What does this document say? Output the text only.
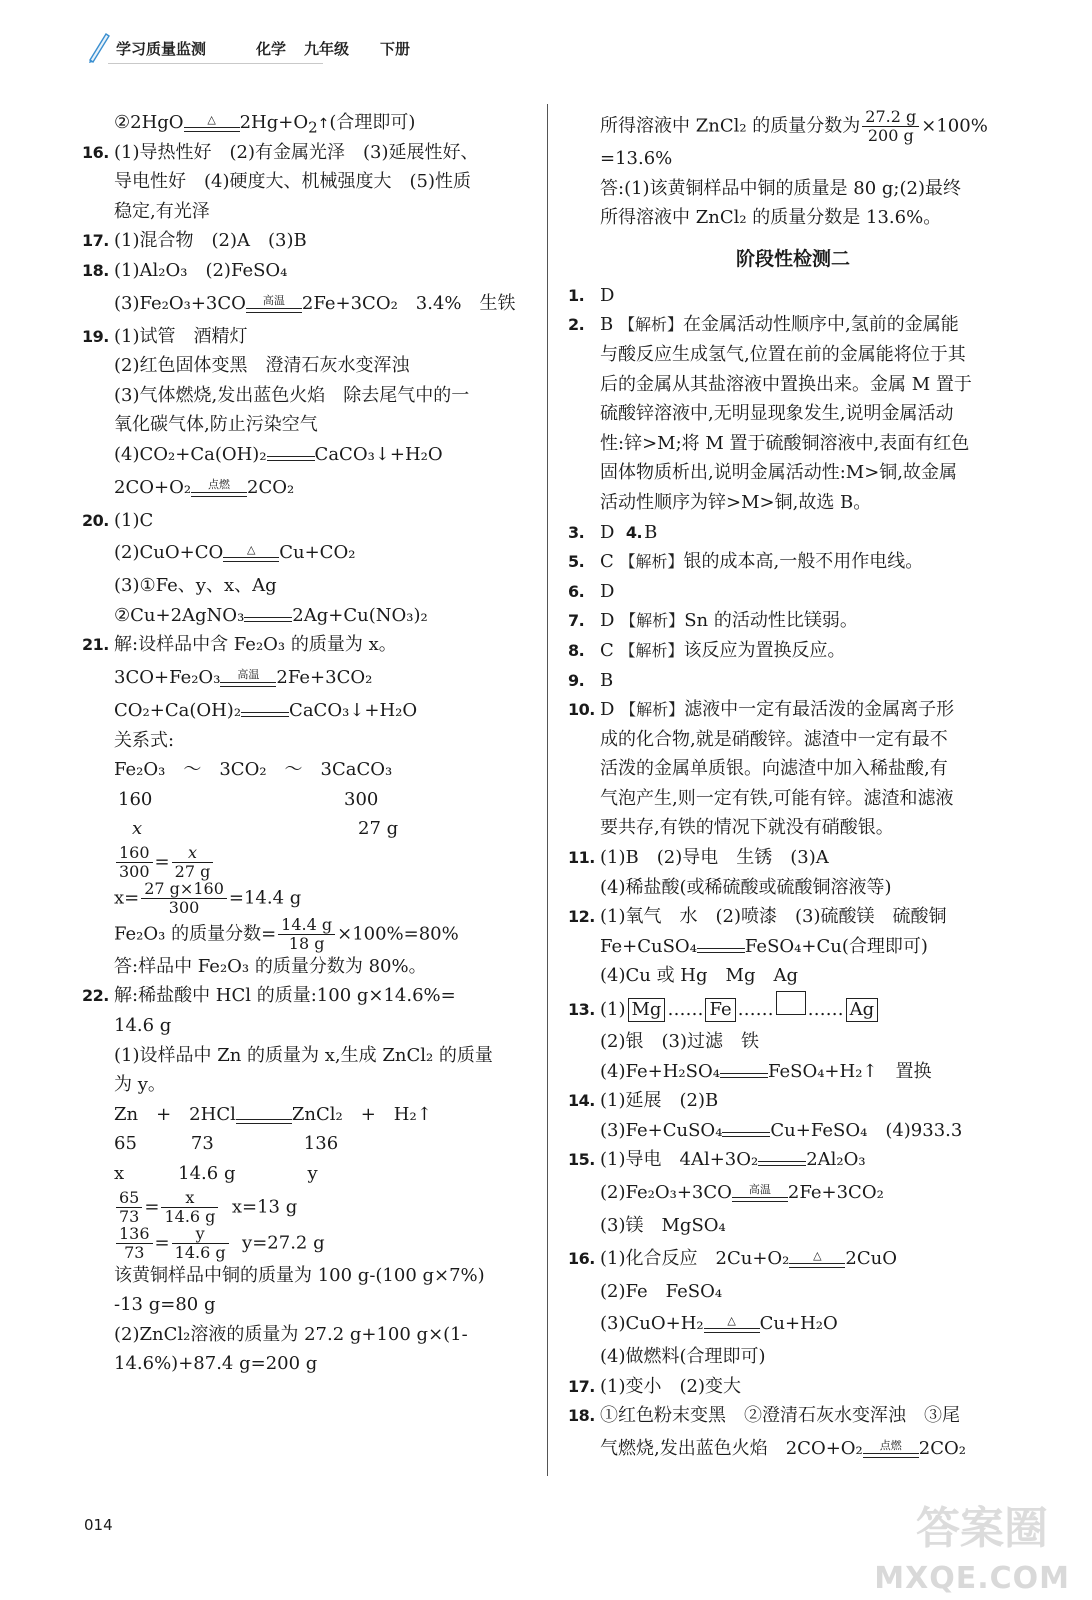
学习质量监测	化学 九年级 下册
②2HgO	△	$2Hg+O_2↑$(合理即可)
16. (1)导热性好　(2)有金属光泽　(3)延展性好、
导电性好　(4)硬度大、机械强度大　(5)性质
稳定,有光泽
17. (1)混合物　(2)A　(3)B
18. (1)Al₂O₃　(2)FeSO₄
(3)Fe₂O₃+3CO	高温 2Fe+3CO₂　3.4%　生铁
19. (1)试管　酒精灯
(2)红色固体变黑　澄清石灰水变浑浊
(3)气体燃烧,发出蓝色火焰　除去尾气中的一
氧化碳气体,防止污染空气
(4)CO₂+Ca(OH)₂	CaCO₃↓+H₂O
2CO+O₂	点燃 2CO₂
20. (1)C
(2)CuO+CO	△	Cu+CO₂
(3)①Fe、y、x、Ag
②Cu+2AgNO₃	2Ag+Cu(NO₃)₂
21. 解:设样品中含 Fe₂O₃ 的质量为 x。
3CO+Fe₂O₃	高温 2Fe+3CO₂
CO₂+Ca(OH)₂	CaCO₃↓+H₂O
关系式:
Fe₂O₃　～　3CO₂　～　3CaCO₃
160	300
x	27 g
$\frac{160}{300} = \frac{x}{27 g}$
$x= \frac{27 g\times 160}{300} =14.4$ g
Fe₂O₃ 的质量分数= $\frac{14.4 g}{18 g} \times 100\%=80\%$
答:样品中 Fe₂O₃ 的质量分数为 80%。
22. 解:稀盐酸中 HCl 的质量:100 g×14.6%=
14.6 g
(1)设样品中 Zn 的质量为 x,生成 ZnCl₂ 的质量
为 y。
Zn　+　2HCl	ZnCl₂　+　H₂↑
65　　　73　　　　　136
x　　　14.6 g　　　　y
$\frac{65}{73} = \frac{x}{14.6 g} x=13$ g
$\frac{136}{73} = \frac{y}{14.6 g} y=27.2$ g
该黄铜样品中铜的质量为 100 g-(100 g×7%)
-13 g=80 g
(2)ZnCl₂溶液的质量为 27.2 g+100 g×(1-
14.6%)+87.4 g=200 g
所得溶液中 ZnCl₂ 的质量分数为 $\frac{27.2 g}{200 g} \times 100\%$
=13.6%
答:(1)该黄铜样品中铜的质量是 80 g;(2)最终
所得溶液中 ZnCl₂ 的质量分数是 13.6%。
阶段性检测二
1. D
2. B 【解析】在金属活动性顺序中,氢前的金属能
与酸反应生成氢气,位置在前的金属能将位于其
后的金属从其盐溶液中置换出来。金属 M 置于
硫酸锌溶液中,无明显现象发生,说明金属活动
性:锌>M;将 M 置于硫酸铜溶液中,表面有红色
固体物质析出,说明金属活动性:M>铜,故金属
活动性顺序为锌>M>铜,故选 B。
3. D 4. B
5. C 【解析】银的成本高,一般不用作电线。
6. D
7. D 【解析】Sn 的活动性比镁弱。
8. C 【解析】该反应为置换反应。
9. B
10. D 【解析】滤液中一定有最活泼的金属离子形
成的化合物,就是硝酸锌。滤渣中一定有最不
活泼的金属单质银。向滤渣中加入稀盐酸,有
气泡产生,则一定有铁,可能有锌。滤渣和滤液
要共存,有铁的情况下就没有硝酸银。
11. (1)B　(2)导电　生锈　(3)A
(4)稀盐酸(或稀硫酸或硫酸铜溶液等)
12. (1)氧气　水　(2)喷漆　(3)硫酸镁　硫酸铜
Fe+CuSO₄	FeSO₄+Cu(合理即可)
(4)Cu 或 Hg　Mg　Ag
13. (1) Mg …… Fe …… …… Ag
(2)银　(3)过滤　铁
(4)Fe+H₂SO₄	FeSO₄+H₂↑　置换
14. (1)延展　(2)B
(3)Fe+CuSO₄	Cu+FeSO₄　(4)933.3
15. (1)导电　4Al+3O₂	2Al₂O₃
(2)Fe₂O₃+3CO	高温 2Fe+3CO₂
(3)镁　MgSO₄
16. (1)化合反应　2Cu+O₂	△	2CuO
(2)Fe　FeSO₄
(3)CuO+H₂	△	Cu+H₂O
(4)做燃料(合理即可)
17. (1)变小　(2)变大
18. ①红色粉末变黑　②澄清石灰水变浑浊　③尾
气燃烧,发出蓝色火焰　2CO+O₂	点燃 2CO₂
014	答案圈
MXQE.COM
